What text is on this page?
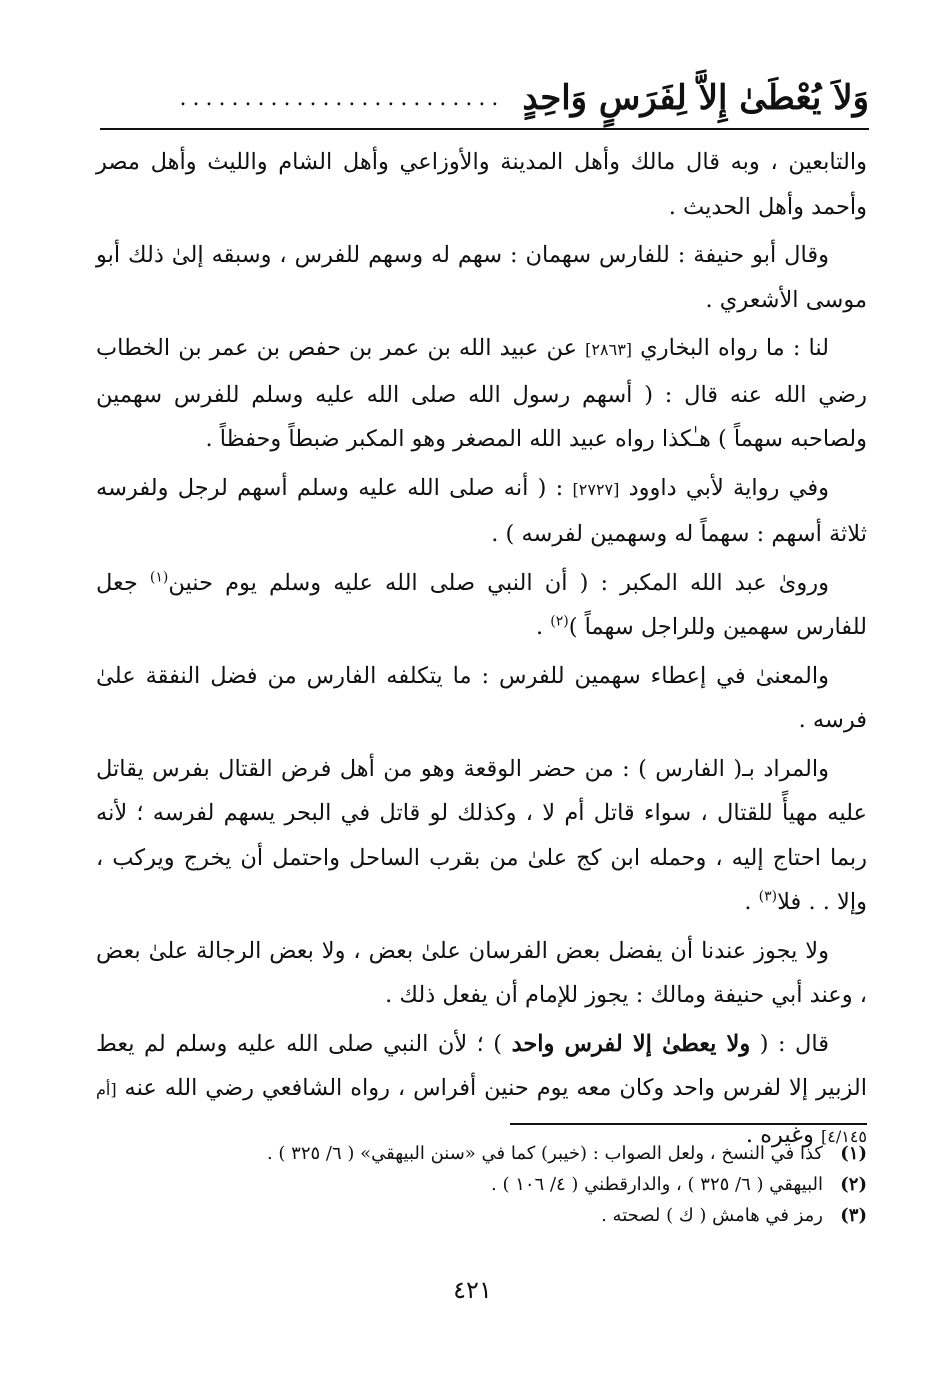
وَلاَ يُعْطَىٰ إِلاَّ لِفَرَسٍ وَاحِدٍ
.........................

والتابعين ، وبه قال مالك وأهل المدينة والأوزاعي وأهل الشام والليث وأهل مصر وأحمد وأهل الحديث .

وقال أبو حنيفة : للفارس سهمان : سهم له وسهم للفرس ، وسبقه إلىٰ ذلك أبو موسى الأشعري .

لنا : ما رواه البخاري [٢٨٦٣] عن عبيد الله بن عمر بن حفص بن عمر بن الخطاب رضي الله عنه قال : ( أسهم رسول الله صلى الله عليه وسلم للفرس سهمين ولصاحبه سهماً ) هـٰكذا رواه عبيد الله المصغر وهو المكبر ضبطاً وحفظاً .

وفي رواية لأبي داوود [٢٧٢٧] : ( أنه صلى الله عليه وسلم أسهم لرجل ولفرسه ثلاثة أسهم : سهماً له وسهمين لفرسه ) .

وروىٰ عبد الله المكبر : ( أن النبي صلى الله عليه وسلم يوم حنين$^{(١)}$ جعل للفارس سهمين وللراجل سهماً )$^{(٢)}$ .

والمعنىٰ في إعطاء سهمين للفرس : ما يتكلفه الفارس من فضل النفقة علىٰ فرسه .

والمراد بـ( الفارس ) : من حضر الوقعة وهو من أهل فرض القتال بفرس يقاتل عليه مهيأً للقتال ، سواء قاتل أم لا ، وكذلك لو قاتل في البحر يسهم لفرسه ؛ لأنه ربما احتاج إليه ، وحمله ابن كج علىٰ من بقرب الساحل واحتمل أن يخرج ويركب ، وإلا . . فلا$^{(٣)}$ .

ولا يجوز عندنا أن يفضل بعض الفرسان علىٰ بعض ، ولا بعض الرجالة علىٰ بعض ، وعند أبي حنيفة ومالك : يجوز للإمام أن يفعل ذلك .

قال : ( ولا يعطىٰ إلا لفرس واحد ) ؛ لأن النبي صلى الله عليه وسلم لم يعط الزبير إلا لفرس واحد وكان معه يوم حنين أفراس ، رواه الشافعي رضي الله عنه [أم ٤/١٤٥] وغيره .

(١)
كذا في النسخ ، ولعل الصواب : (خيبر) كما في «سنن البيهقي» ( ٦/ ٣٢٥ ) .
(٢)
البيهقي ( ٦/ ٣٢٥ ) ، والدارقطني ( ٤/ ١٠٦ ) .
(٣)
رمز في هامش ( ك ) لصحته .
٤٢١
